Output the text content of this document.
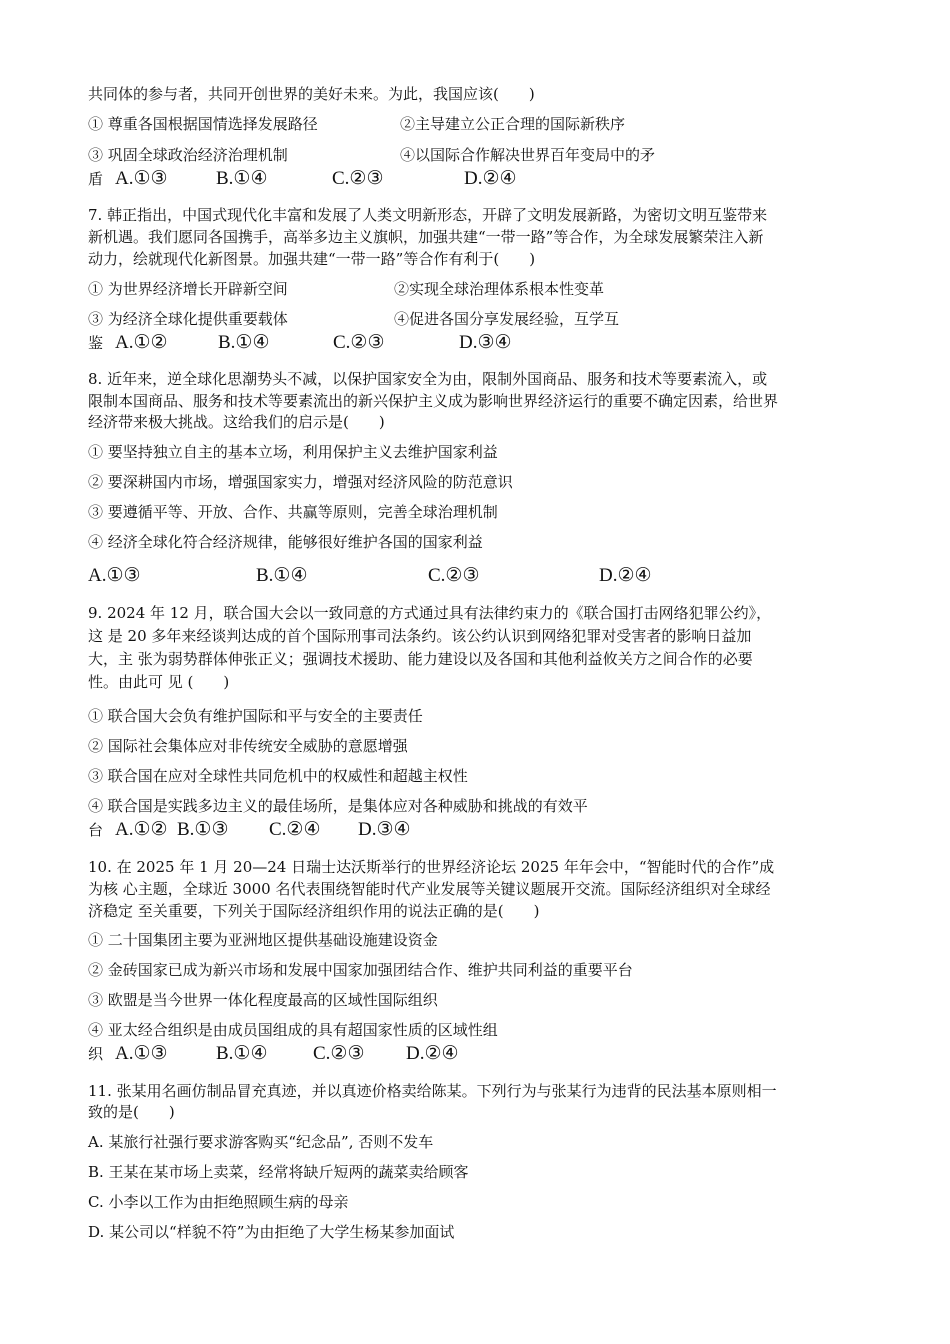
共同体的参与者，共同开创世界的美好未来。为此，我国应该(　　)
① 尊重各国根据国情选择发展路径	②主导建立公正合理的国际新秩序
③ 巩固全球政治经济治理机制	④以国际合作解决世界百年变局中的矛
盾 A.①③	B.①④	C.②③	D.②④
7. 韩正指出，中国式现代化丰富和发展了人类文明新形态，开辟了文明发展新路，为密切文明互鉴带来
新机遇。我们愿同各国携手，高举多边主义旗帜，加强共建“一带一路”等合作，为全球发展繁荣注入新
动力，绘就现代化新图景。加强共建“一带一路”等合作有利于(　　)
① 为世界经济增长开辟新空间	②实现全球治理体系根本性变革
③ 为经济全球化提供重要载体	④促进各国分享发展经验，互学互
鉴 A.①②	B.①④	C.②③	D.③④
8. 近年来，逆全球化思潮势头不减，以保护国家安全为由，限制外国商品、服务和技术等要素流入，或
限制本国商品、服务和技术等要素流出的新兴保护主义成为影响世界经济运行的重要不确定因素，给世界
经济带来极大挑战。这给我们的启示是(　　)
① 要坚持独立自主的基本立场，利用保护主义去维护国家利益
② 要深耕国内市场，增强国家实力，增强对经济风险的防范意识
③ 要遵循平等、开放、合作、共赢等原则，完善全球治理机制
④ 经济全球化符合经济规律，能够很好维护各国的国家利益
A.①③	B.①④	C.②③	D.②④
9. 2024 年 12 月，联合国大会以一致同意的方式通过具有法律约束力的《联合国打击网络犯罪公约》，
这 是 20 多年来经谈判达成的首个国际刑事司法条约。该公约认识到网络犯罪对受害者的影响日益加
大，主 张为弱势群体伸张正义；强调技术援助、能力建设以及各国和其他利益攸关方之间合作的必要
性。由此可 见 (　　)
① 联合国大会负有维护国际和平与安全的主要责任
② 国际社会集体应对非传统安全威胁的意愿增强
③ 联合国在应对全球性共同危机中的权威性和超越主权性
④ 联合国是实践多边主义的最佳场所，是集体应对各种威胁和挑战的有效平
台 A.①② B.①③ C.②④ D.③④
10. 在 2025 年 1 月 20—24 日瑞士达沃斯举行的世界经济论坛 2025 年年会中，“智能时代的合作”成
为核 心主题，全球近 3000 名代表围绕智能时代产业发展等关键议题展开交流。国际经济组织对全球经
济稳定 至关重要，下列关于国际经济组织作用的说法正确的是(　　)
① 二十国集团主要为亚洲地区提供基础设施建设资金
② 金砖国家已成为新兴市场和发展中国家加强团结合作、维护共同利益的重要平台
③ 欧盟是当今世界一体化程度最高的区域性国际组织
④ 亚太经合组织是由成员国组成的具有超国家性质的区域性组
织 A.①③	B.①④ C.②③ D.②④
11. 张某用名画仿制品冒充真迹，并以真迹价格卖给陈某。下列行为与张某行为违背的民法基本原则相一
致的是(　　)
A. 某旅行社强行要求游客购买“纪念品”, 否则不发车
B. 王某在某市场上卖菜，经常将缺斤短两的蔬菜卖给顾客
C. 小李以工作为由拒绝照顾生病的母亲
D. 某公司以“样貌不符”为由拒绝了大学生杨某参加面试
